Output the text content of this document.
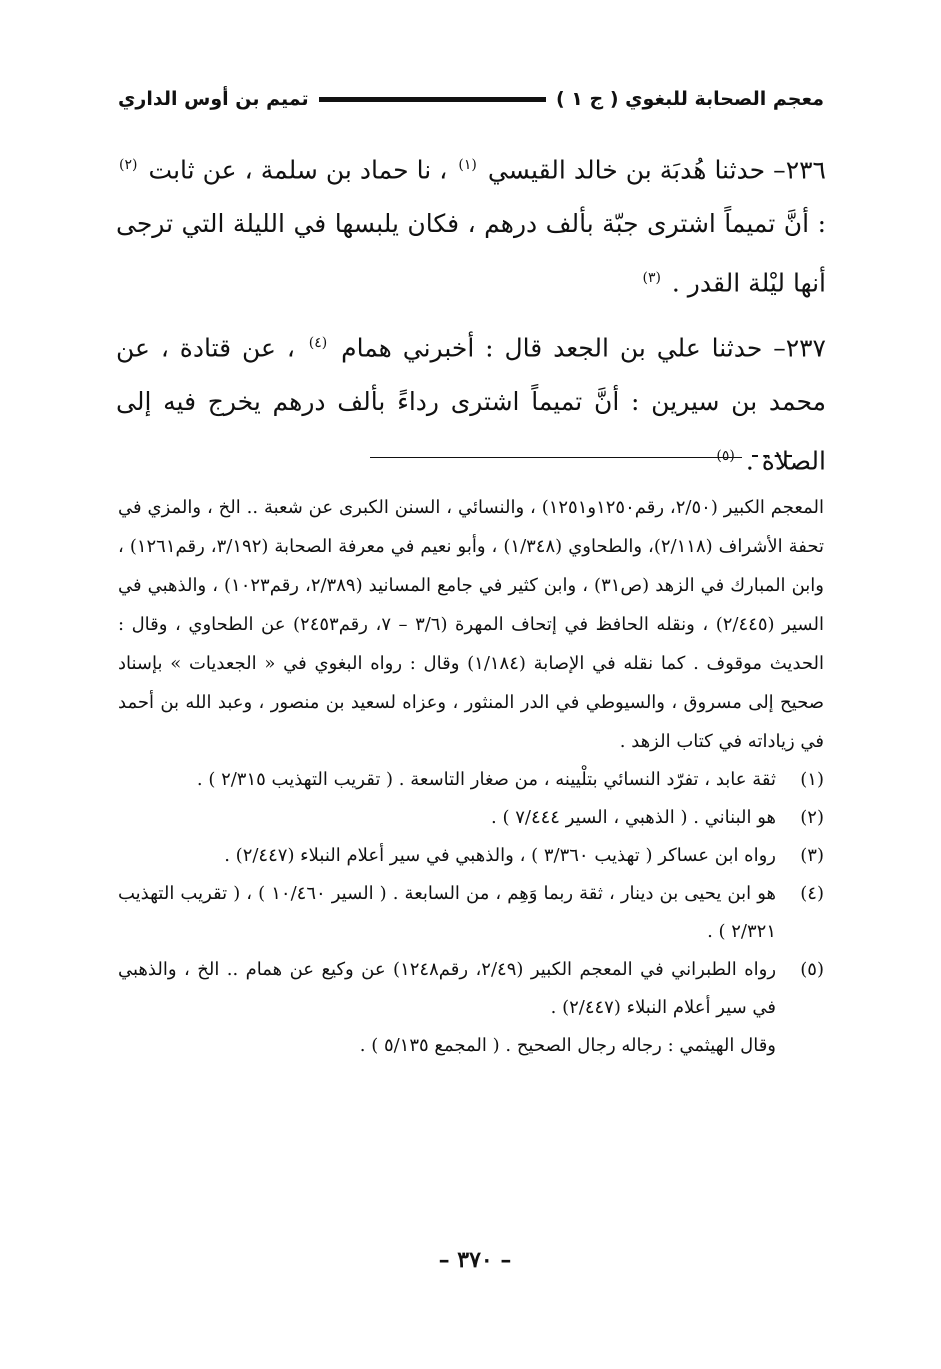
معجم الصحابة للبغوي ( ج ١ )
تميم بن أوس الداري

٢٣٦– حدثنا هُدبَة بن خالد القيسي $^{(١)}$ ، نا حماد بن سلمة ، عن ثابت $^{(٢)}$ : أنَّ تميماً اشترى جبّة بألف درهم ، فكان يلبسها في الليلة التي ترجى أنها ليْلة القدر . $^{(٣)}$

٢٣٧– حدثنا علي بن الجعد قال : أخبرني همام $^{(٤)}$ ، عن قتادة ، عن محمد بن سيرين : أنَّ تميماً اشترى رداءً بألف درهم يخرج فيه إلى الصلاة . $^{(٥)}$

المعجم الكبير (٢/٥٠، رقم١٢٥٠و١٢٥١) ، والنسائي ، السنن الكبرى عن شعبة .. الخ ، والمزي في تحفة الأشراف (٢/١١٨)، والطحاوي (١/٣٤٨) ، وأبو نعيم في معرفة الصحابة (٣/١٩٢، رقم١٢٦١) ، وابن المبارك في الزهد (ص٣١) ، وابن كثير في جامع المسانيد (٢/٣٨٩، رقم١٠٢٣) ، والذهبي في السير (٢/٤٤٥) ، ونقله الحافظ في إتحاف المهرة (٣/٦ – ٧، رقم٢٤٥٣) عن الطحاوي ، وقال : الحديث موقوف . كما نقله في الإصابة (١/١٨٤) وقال : رواه البغوي في « الجعديات » بإسناد صحيح إلى مسروق ، والسيوطي في الدر المنثور ، وعزاه لسعيد بن منصور ، وعبد الله بن أحمد في زياداته في كتاب الزهد .

(١)
ثقة عابد ، تفرّد النسائي بتلْيينه ، من صغار التاسعة . ( تقريب التهذيب ٢/٣١٥ ) .
(٢)
هو البناني . ( الذهبي ، السير ٧/٤٤٤ ) .
(٣)
رواه ابن عساكر ( تهذيب ٣/٣٦٠ ) ، والذهبي في سير أعلام النبلاء (٢/٤٤٧) .
(٤)
هو ابن يحيى بن دينار ، ثقة ربما وَهِم ، من السابعة . ( السير ١٠/٤٦٠ ) ، ( تقريب التهذيب ٢/٣٢١ ) .
(٥)
رواه الطبراني في المعجم الكبير (٢/٤٩، رقم١٢٤٨) عن وكيع عن همام .. الخ ، والذهبي في سير أعلام النبلاء (٢/٤٤٧) .
وقال الهيثمي : رجاله رجال الصحيح . ( المجمع ٥/١٣٥ ) .
– ٣٧٠ –
